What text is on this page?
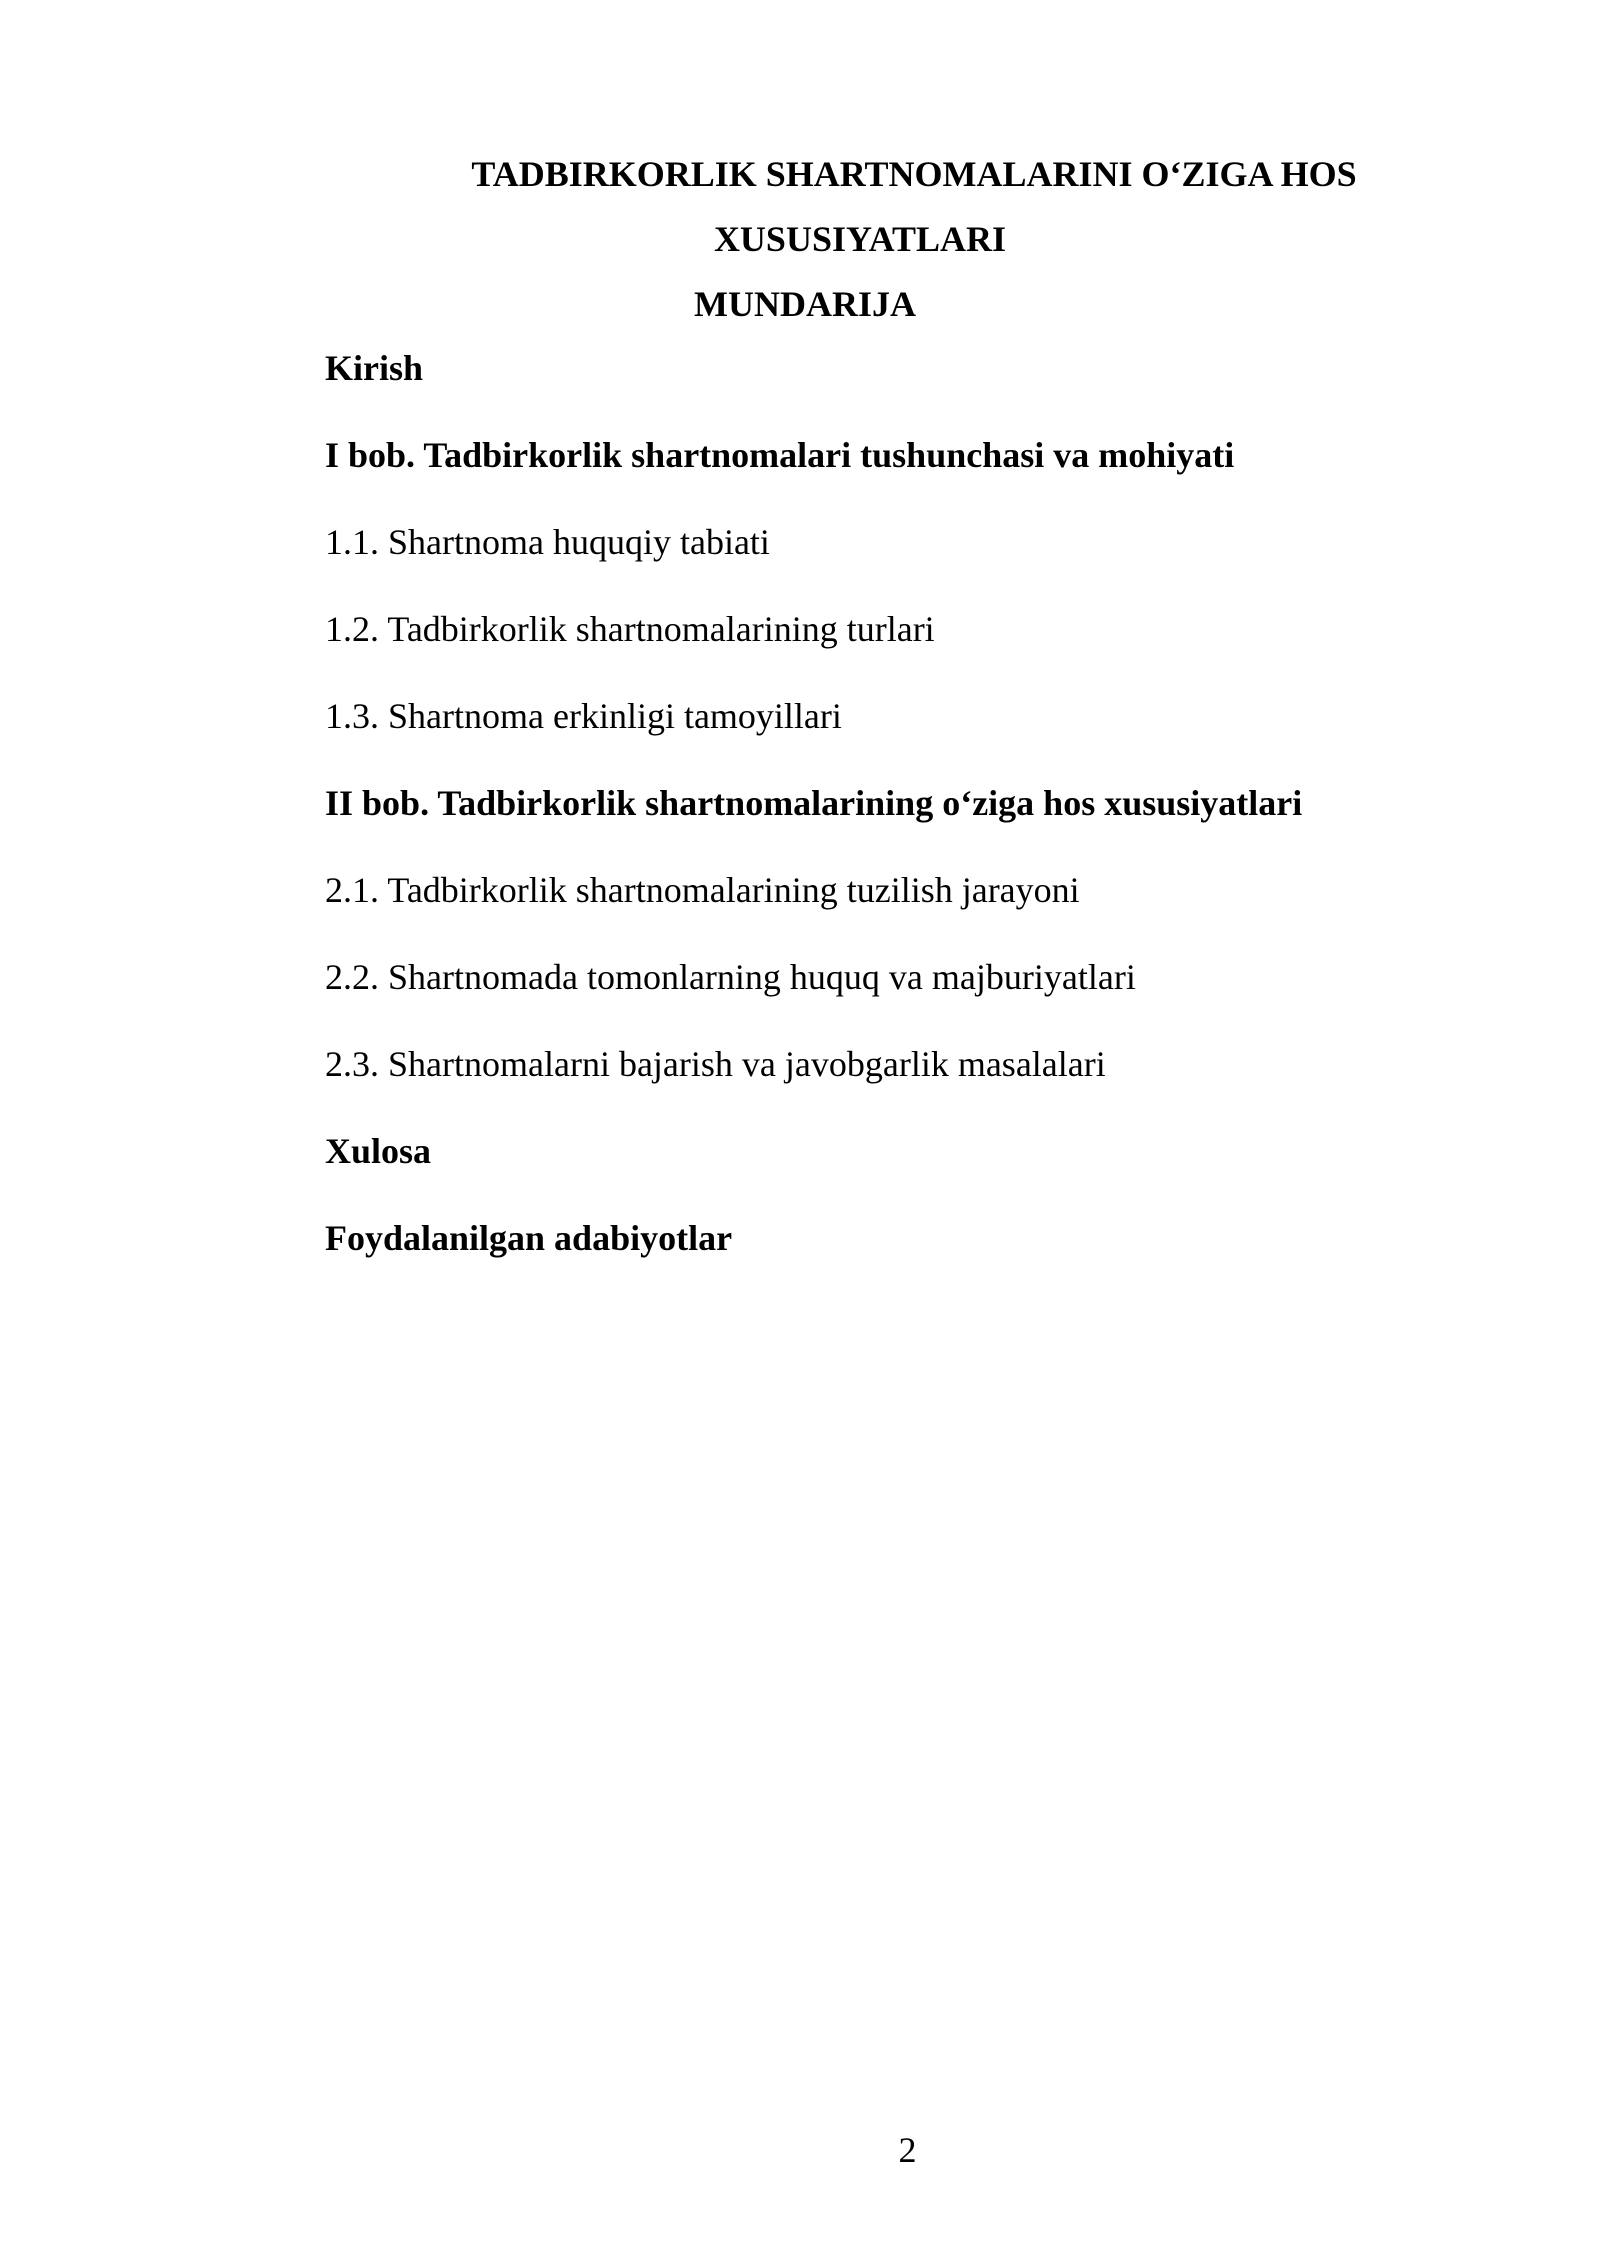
TADBIRKORLIK SHARTNOMALARINI O‘ZIGA HOS
XUSUSIYATLARI
MUNDARIJA
Kirish
I bob. Tadbirkorlik shartnomalari tushunchasi va mohiyati
1.1. Shartnoma huquqiy tabiati
1.2. Tadbirkorlik shartnomalarining turlari
1.3. Shartnoma erkinligi tamoyillari
II bob. Tadbirkorlik shartnomalarining o‘ziga hos xususiyatlari
2.1. Tadbirkorlik shartnomalarining tuzilish jarayoni
2.2. Shartnomada tomonlarning huquq va majburiyatlari
2.3. Shartnomalarni bajarish va javobgarlik masalalari
Xulosa
Foydalanilgan adabiyotlar
2
